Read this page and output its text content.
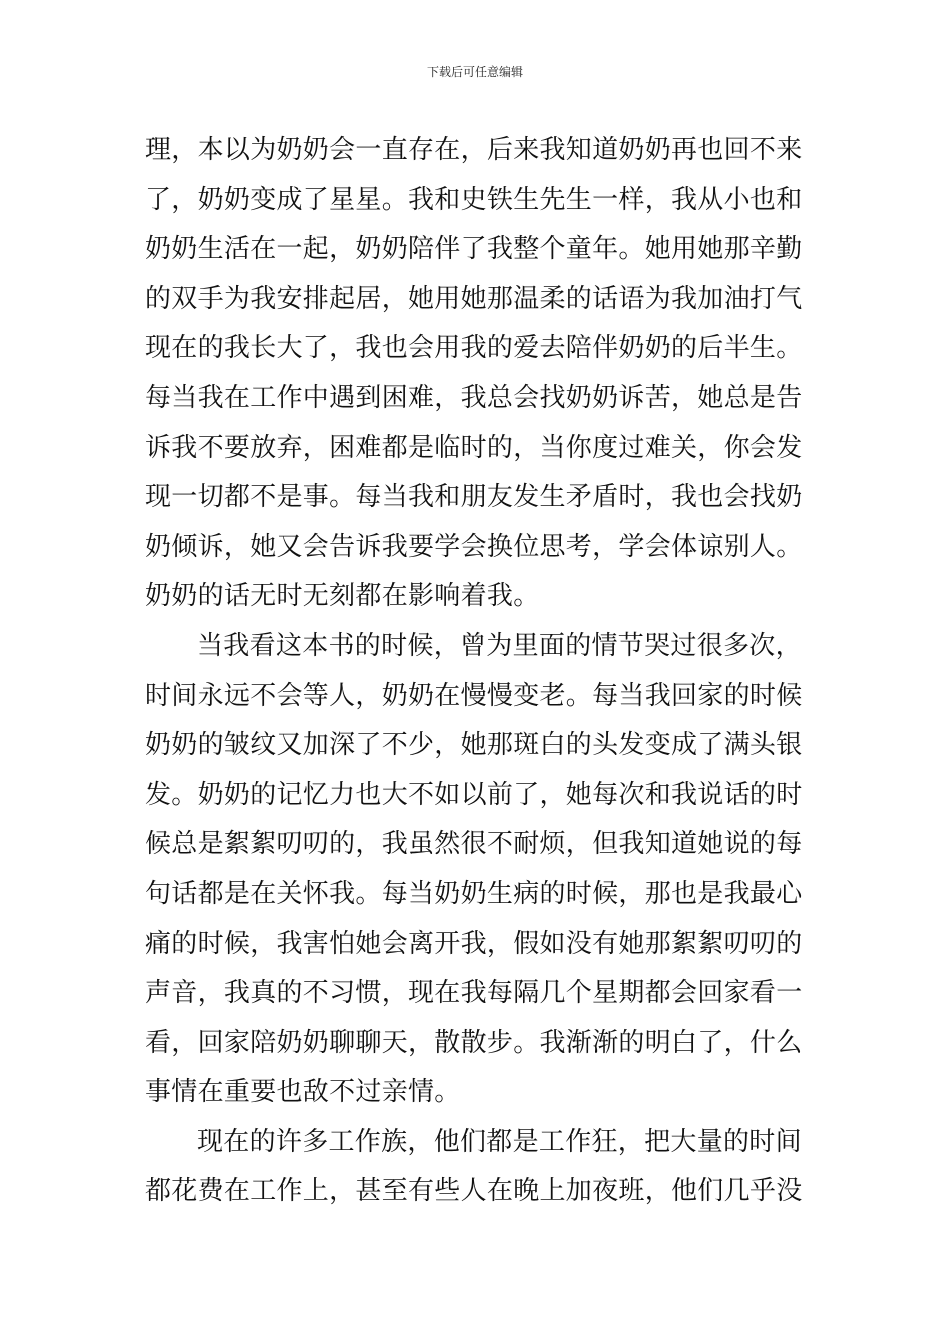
下载后可任意编辑
理，本以为奶奶会一直存在，后来我知道奶奶再也回不来
了，奶奶变成了星星。我和史铁生先生一样，我从小也和
奶奶生活在一起，奶奶陪伴了我整个童年。她用她那辛勤
的双手为我安排起居，她用她那温柔的话语为我加油打气
现在的我长大了，我也会用我的爱去陪伴奶奶的后半生。
每当我在工作中遇到困难，我总会找奶奶诉苦，她总是告
诉我不要放弃，困难都是临时的，当你度过难关，你会发
现一切都不是事。每当我和朋友发生矛盾时，我也会找奶
奶倾诉，她又会告诉我要学会换位思考，学会体谅别人。
奶奶的话无时无刻都在影响着我。
当我看这本书的时候，曾为里面的情节哭过很多次，
时间永远不会等人，奶奶在慢慢变老。每当我回家的时候
奶奶的皱纹又加深了不少，她那斑白的头发变成了满头银
发。奶奶的记忆力也大不如以前了，她每次和我说话的时
候总是絮絮叨叨的，我虽然很不耐烦，但我知道她说的每
句话都是在关怀我。每当奶奶生病的时候，那也是我最心
痛的时候，我害怕她会离开我，假如没有她那絮絮叨叨的
声音，我真的不习惯，现在我每隔几个星期都会回家看一
看，回家陪奶奶聊聊天，散散步。我渐渐的明白了，什么
事情在重要也敌不过亲情。
现在的许多工作族，他们都是工作狂，把大量的时间
都花费在工作上，甚至有些人在晚上加夜班，他们几乎没
